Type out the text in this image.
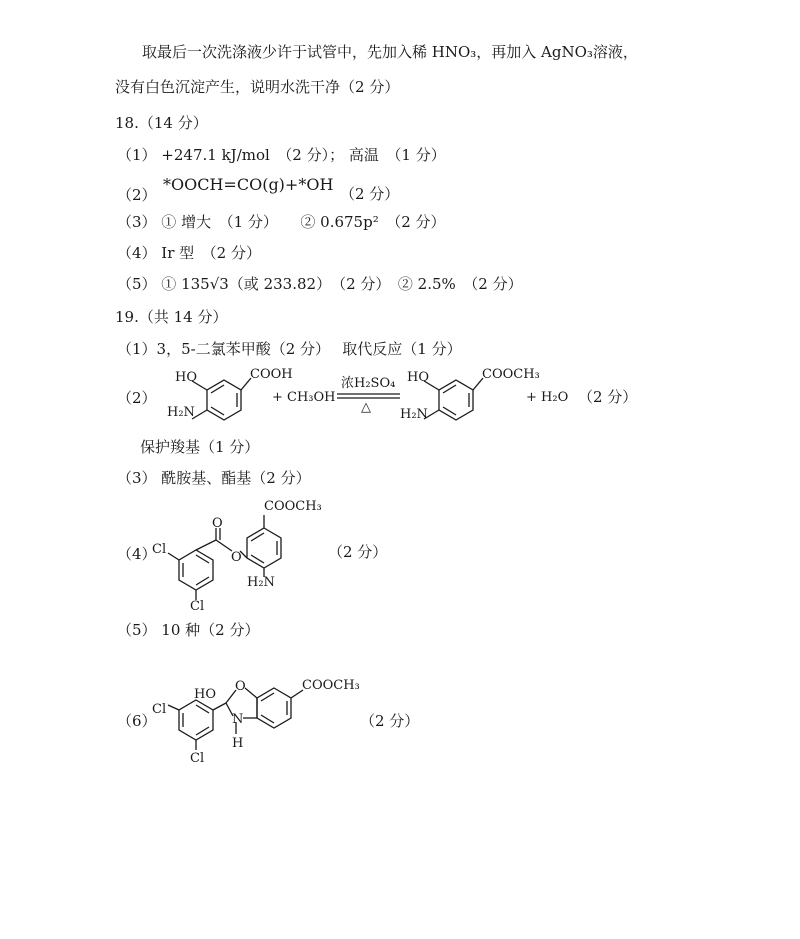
取最后一次洗涤液少许于试管中，先加入稀 HNO₃，再加入 AgNO₃溶液，
没有白色沉淀产生，说明水洗干净（2 分）
18.（14 分）
（1） +247.1 kJ/mol　（2 分）； 高温　（1 分）
（2）
*OOCH=CO(g)+*OH （2 分）
（3） ① 增大　（1 分）　　② 0.675p²　（2 分）
（4） Ir 型　（2 分）
（5） ① 135√3（或 233.82）　（2 分）　② 2.5%　（2 分）
19.（共 14 分）
（1）3，5-二氯苯甲酸（2 分）　 取代反应（1 分）
（2）	（2 分）
保护羧基（1 分）
（3） 酰胺基、酯基（2 分）
（4）	（2 分）
（5） 10 种（2 分）
（6）	（2 分）
HO	COOH
H₂N
+ CH₃OH
浓H₂SO₄
△
HO	COOCH₃
H₂N
+ H₂O
COOCH₃
O
O
Cl
Cl
H₂N
COOCH₃
HO
O
N
H
Cl
Cl
